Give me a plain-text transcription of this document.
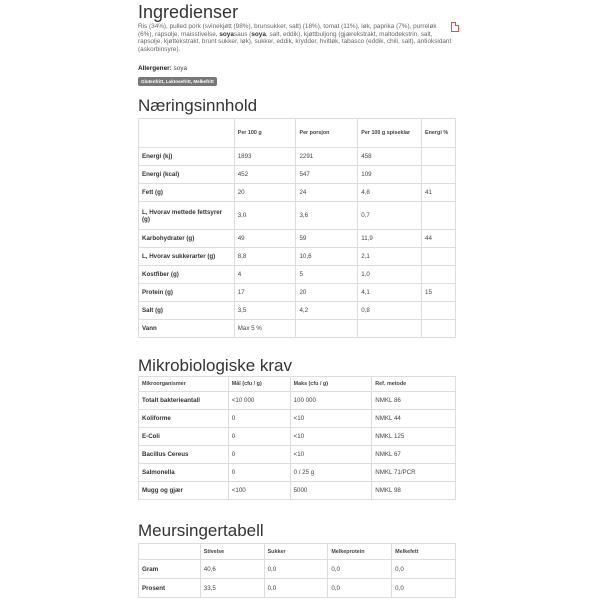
Ingredienser
Ris (34%), pulled pork (svinekjøtt (98%), brunsukker, salt) (18%), tomat (11%), løk, paprika (7%), purreløk (6%), rapsolje, maisstivelse, soyasaus (soya, salt, eddik), kjøttbuljong (gjærekstrakt, maltodekstrin, salt, rapsolje, kjøttekstrakt, brunt sukker, løk), sukker, eddik, krydder, hvitløk, tabasco (eddik, chili, salt), antioksidant (askorbinsyre).
Allergener: soya
Glutenfritt, Laktosefritt, Melkefritt
Næringsinnhold
	Per 100 g	Per porsjon	Per 100 g spiseklar	Energi %
Energi (kj)	1893	2291	458	
Energi (kcal)	452	547	109	
Fett (g)	20	24	4,8	41
L, Hvorav mettede fettsyrer (g)	3,0	3,6	0,7	
Karbohydrater (g)	49	59	11,9	44
L, Hvorav sukkerarter (g)	8,8	10,6	2,1	
Kostfiber (g)	4	5	1,0	
Protein (g)	17	20	4,1	15
Salt (g)	3,5	4,2	0,8	
Vann	Max 5 %			
Mikrobiologiske krav
Mikroorganismer	Mål (cfu / g)	Maks (cfu / g)	Ref. metode
Totalt bakterieantall	<10 000	100 000	NMKL 86
Koliforme	0	<10	NMKL 44
E-Coli	0	<10	NMKL 125
Bacillus Cereus	0	<10	NMKL 67
Salmonella	0	0 / 25 g	NMKL 71/PCR
Mugg og gjær	<100	5000	NMKL 98
Meursingertabell
	Stivelse	Sukker	Melkeprotein	Melkefett
Gram	40,6	0,0	0,0	0,0
Prosent	33,5	0,0	0,0	0,0
